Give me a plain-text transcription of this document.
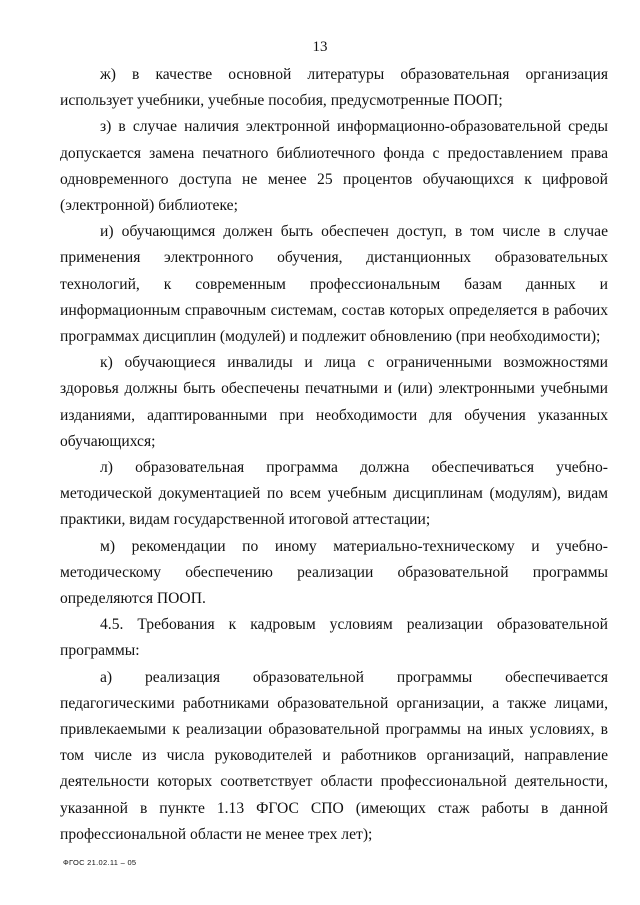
13

ж) в качестве основной литературы образовательная организация использует учебники, учебные пособия, предусмотренные ПООП;

з) в случае наличия электронной информационно-образовательной среды допускается замена печатного библиотечного фонда с предоставлением права одновременного доступа не менее 25 процентов обучающихся к цифровой (электронной) библиотеке;

и) обучающимся должен быть обеспечен доступ, в том числе в случае применения электронного обучения, дистанционных образовательных технологий, к современным профессиональным базам данных и информационным справочным системам, состав которых определяется в рабочих программах дисциплин (модулей) и подлежит обновлению (при необходимости);

к) обучающиеся инвалиды и лица с ограниченными возможностями здоровья должны быть обеспечены печатными и (или) электронными учебными изданиями, адаптированными при необходимости для обучения указанных обучающихся;

л) образовательная программа должна обеспечиваться учебно-методической документацией по всем учебным дисциплинам (модулям), видам практики, видам государственной итоговой аттестации;

м) рекомендации по иному материально-техническому и учебно-методическому обеспечению реализации образовательной программы определяются ПООП.

4.5. Требования к кадровым условиям реализации образовательной программы:

а) реализация образовательной программы обеспечивается педагогическими работниками образовательной организации, а также лицами, привлекаемыми к реализации образовательной программы на иных условиях, в том числе из числа руководителей и работников организаций, направление деятельности которых соответствует области профессиональной деятельности, указанной в пункте 1.13 ФГОС СПО (имеющих стаж работы в данной профессиональной области не менее трех лет);

ФГОС 21.02.11 – 05
